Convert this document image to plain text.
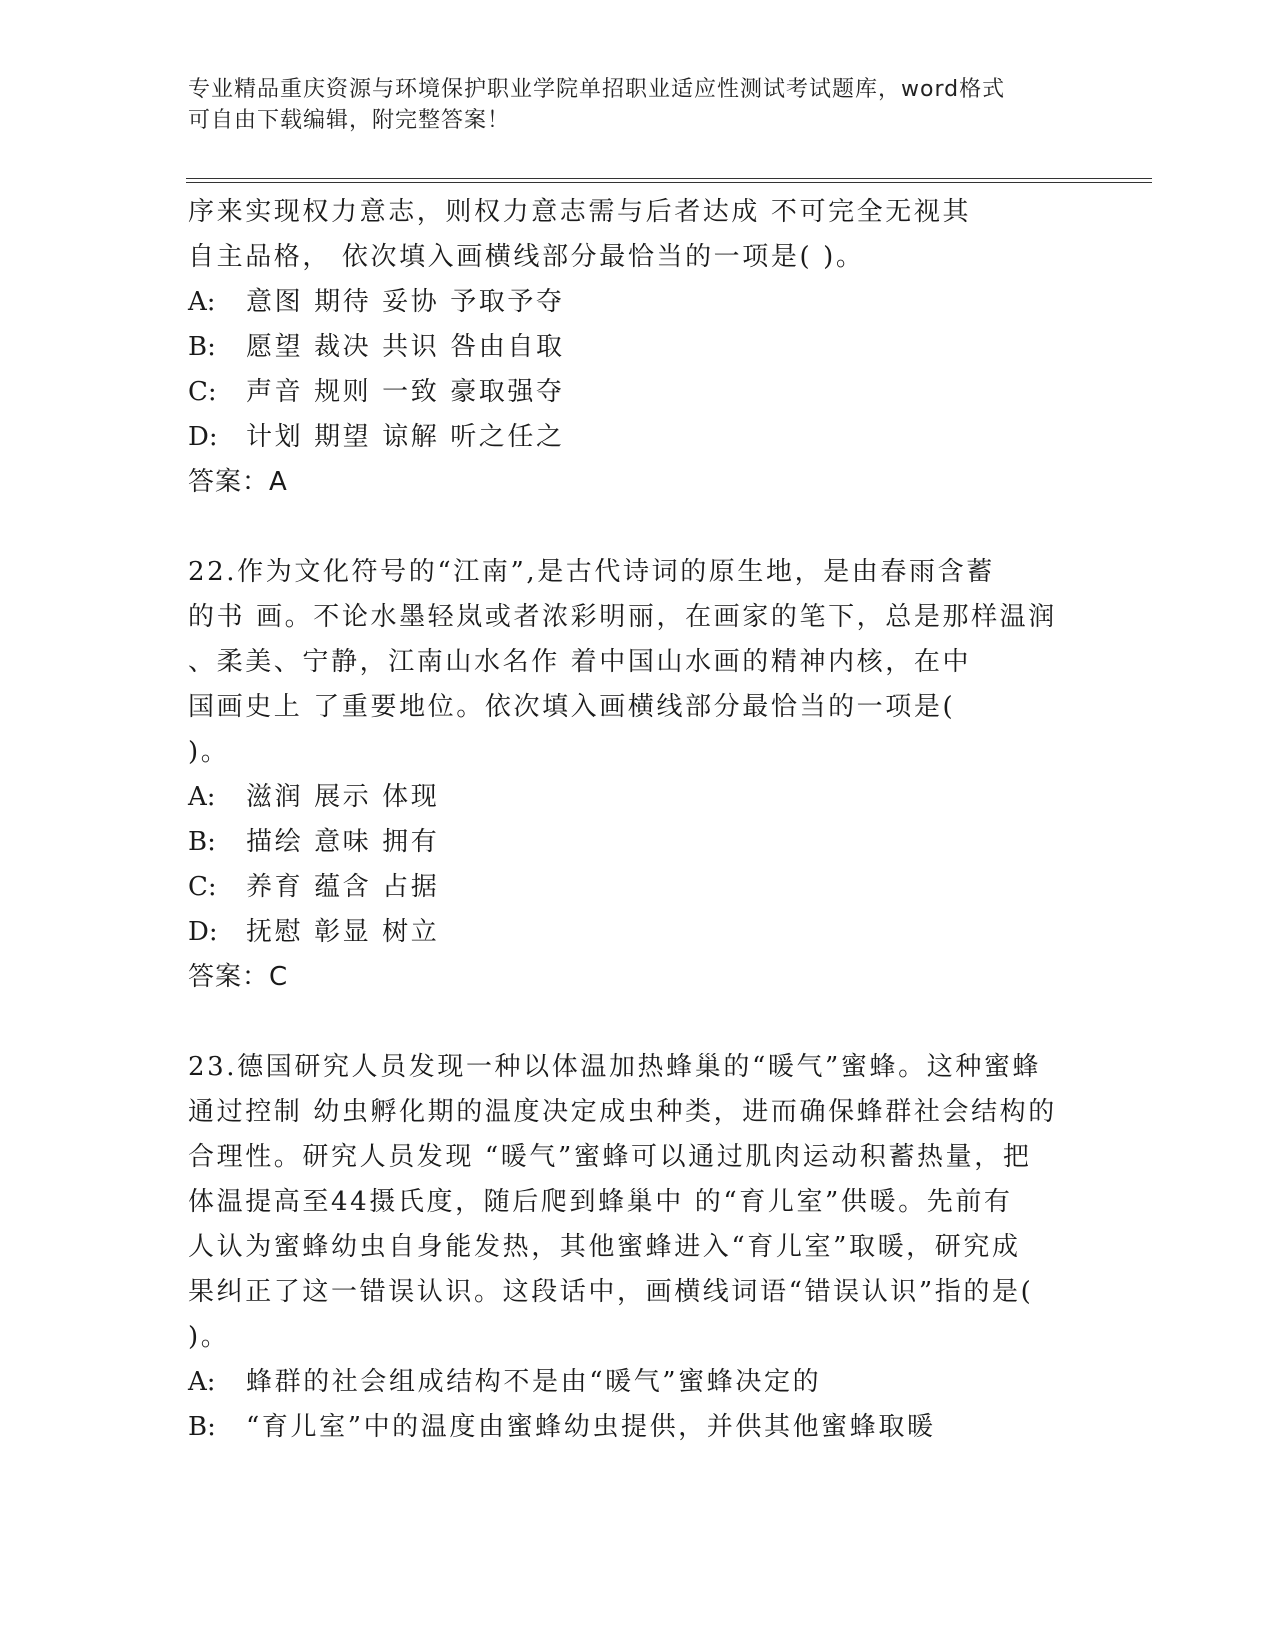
专业精品重庆资源与环境保护职业学院单招职业适应性测试考试题库，word格式
可自由下载编辑，附完整答案！
序来实现权力意志，则权力意志需与后者达成 不可完全无视其
自主品格， 依次填入画横线部分最恰当的一项是( )。
A: 意图 期待 妥协 予取予夺
B: 愿望 裁决 共识 咎由自取
C: 声音 规则 一致 豪取强夺
D: 计划 期望 谅解 听之任之
答案：A
22.作为文化符号的“江南”,是古代诗词的原生地，是由春雨含蓄
的书 画。不论水墨轻岚或者浓彩明丽，在画家的笔下，总是那样温润
、柔美、宁静，江南山水名作 着中国山水画的精神内核，在中
国画史上 了重要地位。依次填入画横线部分最恰当的一项是(
)。
A: 滋润 展示 体现
B: 描绘 意味 拥有
C: 养育 蕴含 占据
D: 抚慰 彰显 树立
答案：C
23.德国研究人员发现一种以体温加热蜂巢的“暖气”蜜蜂。这种蜜蜂
通过控制 幼虫孵化期的温度决定成虫种类，进而确保蜂群社会结构的
合理性。研究人员发现 “暖气”蜜蜂可以通过肌肉运动积蓄热量，把
体温提高至44摄氏度，随后爬到蜂巢中 的“育儿室”供暖。先前有
人认为蜜蜂幼虫自身能发热，其他蜜蜂进入“育儿室”取暖，研究成
果纠正了这一错误认识。这段话中，画横线词语“错误认识”指的是(
)。
A: 蜂群的社会组成结构不是由“暖气”蜜蜂决定的
B: “育儿室”中的温度由蜜蜂幼虫提供，并供其他蜜蜂取暖
